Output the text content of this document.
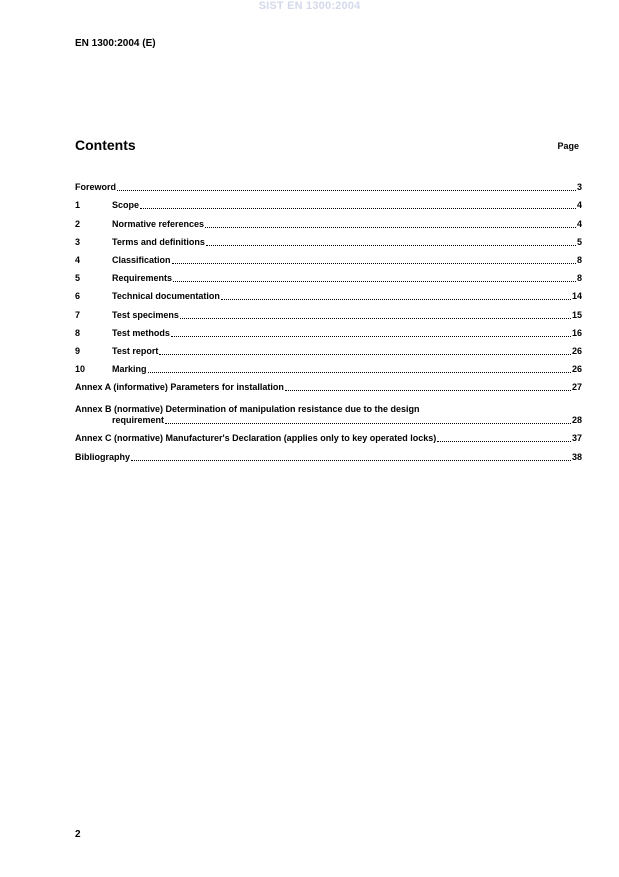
SIST EN 1300:2004
EN 1300:2004 (E)
Contents	Page
Foreword	3
1	Scope	4
2	Normative references	4
3	Terms and definitions	5
4	Classification	8
5	Requirements	8
6	Technical documentation	14
7	Test specimens	15
8	Test methods	16
9	Test report	26
10	Marking	26
Annex A (informative) Parameters for installation	27
Annex B (normative) Determination of manipulation resistance due to the design
requirement	28
Annex C (normative) Manufacturer's Declaration (applies only to key operated locks)	37
Bibliography	38
2
